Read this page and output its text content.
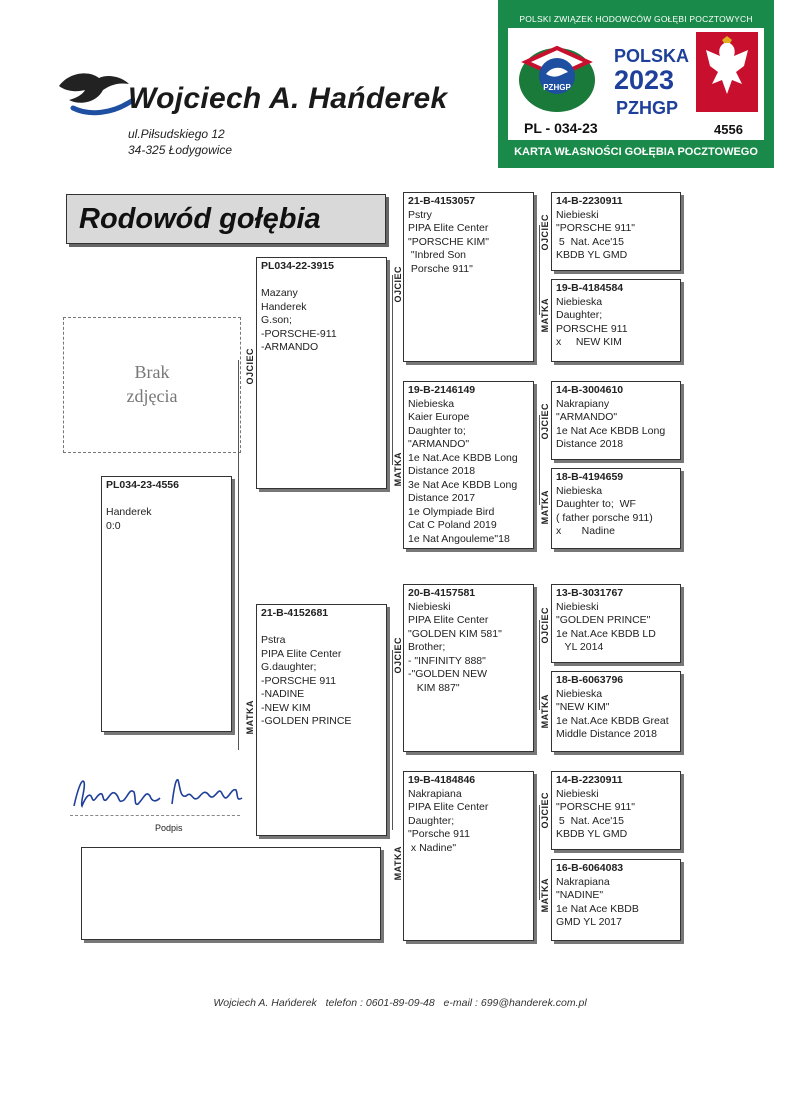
Wojciech A. Hańderek
ul.Piłsudskiego 12
34-325 Łodygowice
POLSKI ZWIĄZEK HODOWCÓW GOŁĘBI POCZTOWYCH
PZHGP
POLSKA
2023
PZHGP
PL - 034-23	4556
KARTA WŁASNOŚCI GOŁĘBIA POCZTOWEGO
Rodowód gołębia
Brak
zdjęcia
OJCIEC
MATKA
OJCIEC
MATKA
OJCIEC
MATKA
OJCIEC
MATKA
OJCIEC
MATKA
OJCIEC
MATKA
OJCIEC
MATKA
PL034-23-4556
Handerek
0:0
PL034-22-3915
Mazany
Handerek
G.son;
-PORSCHE-911
-ARMANDO
21-B-4152681
Pstra
PIPA Elite Center
G.daughter;
-PORSCHE 911
-NADINE
-NEW KIM
-GOLDEN PRINCE
21-B-4153057
Pstry
PIPA Elite Center
"PORSCHE KIM"
"Inbred Son
Porsche 911"
19-B-2146149
Niebieska
Kaier Europe
Daughter to;
"ARMANDO"
1e Nat.Ace KBDB Long
Distance 2018
3e Nat Ace KBDB Long
Distance 2017
1e Olympiade Bird
Cat C Poland 2019
1e Nat Angouleme"18
20-B-4157581
Niebieski
PIPA Elite Center
"GOLDEN KIM 581"
Brother;
- "INFINITY 888"
-"GOLDEN NEW
KIM 887"
19-B-4184846
Nakrapiana
PIPA Elite Center
Daughter;
"Porsche 911
x Nadine"
14-B-2230911
Niebieski
"PORSCHE 911"
5  Nat. Ace'15
KBDB YL GMD
19-B-4184584
Niebieska
Daughter;
PORSCHE 911
x     NEW KIM
14-B-3004610
Nakrapiany
"ARMANDO"
1e Nat Ace KBDB Long
Distance 2018
18-B-4194659
Niebieska
Daughter to;  WF
( father porsche 911)
x       Nadine
13-B-3031767
Niebieski
"GOLDEN PRINCE"
1e Nat.Ace KBDB LD
YL 2014
18-B-6063796
Niebieska
"NEW KIM"
1e Nat.Ace KBDB Great
Middle Distance 2018
14-B-2230911
Niebieski
"PORSCHE 911"
5  Nat. Ace'15
KBDB YL GMD
16-B-6064083
Nakrapiana
"NADINE"
1e Nat Ace KBDB
GMD YL 2017
Podpis
Wojciech A. Hańderek telefon : 0601-89-09-48 e-mail : 699@handerek.com.pl
